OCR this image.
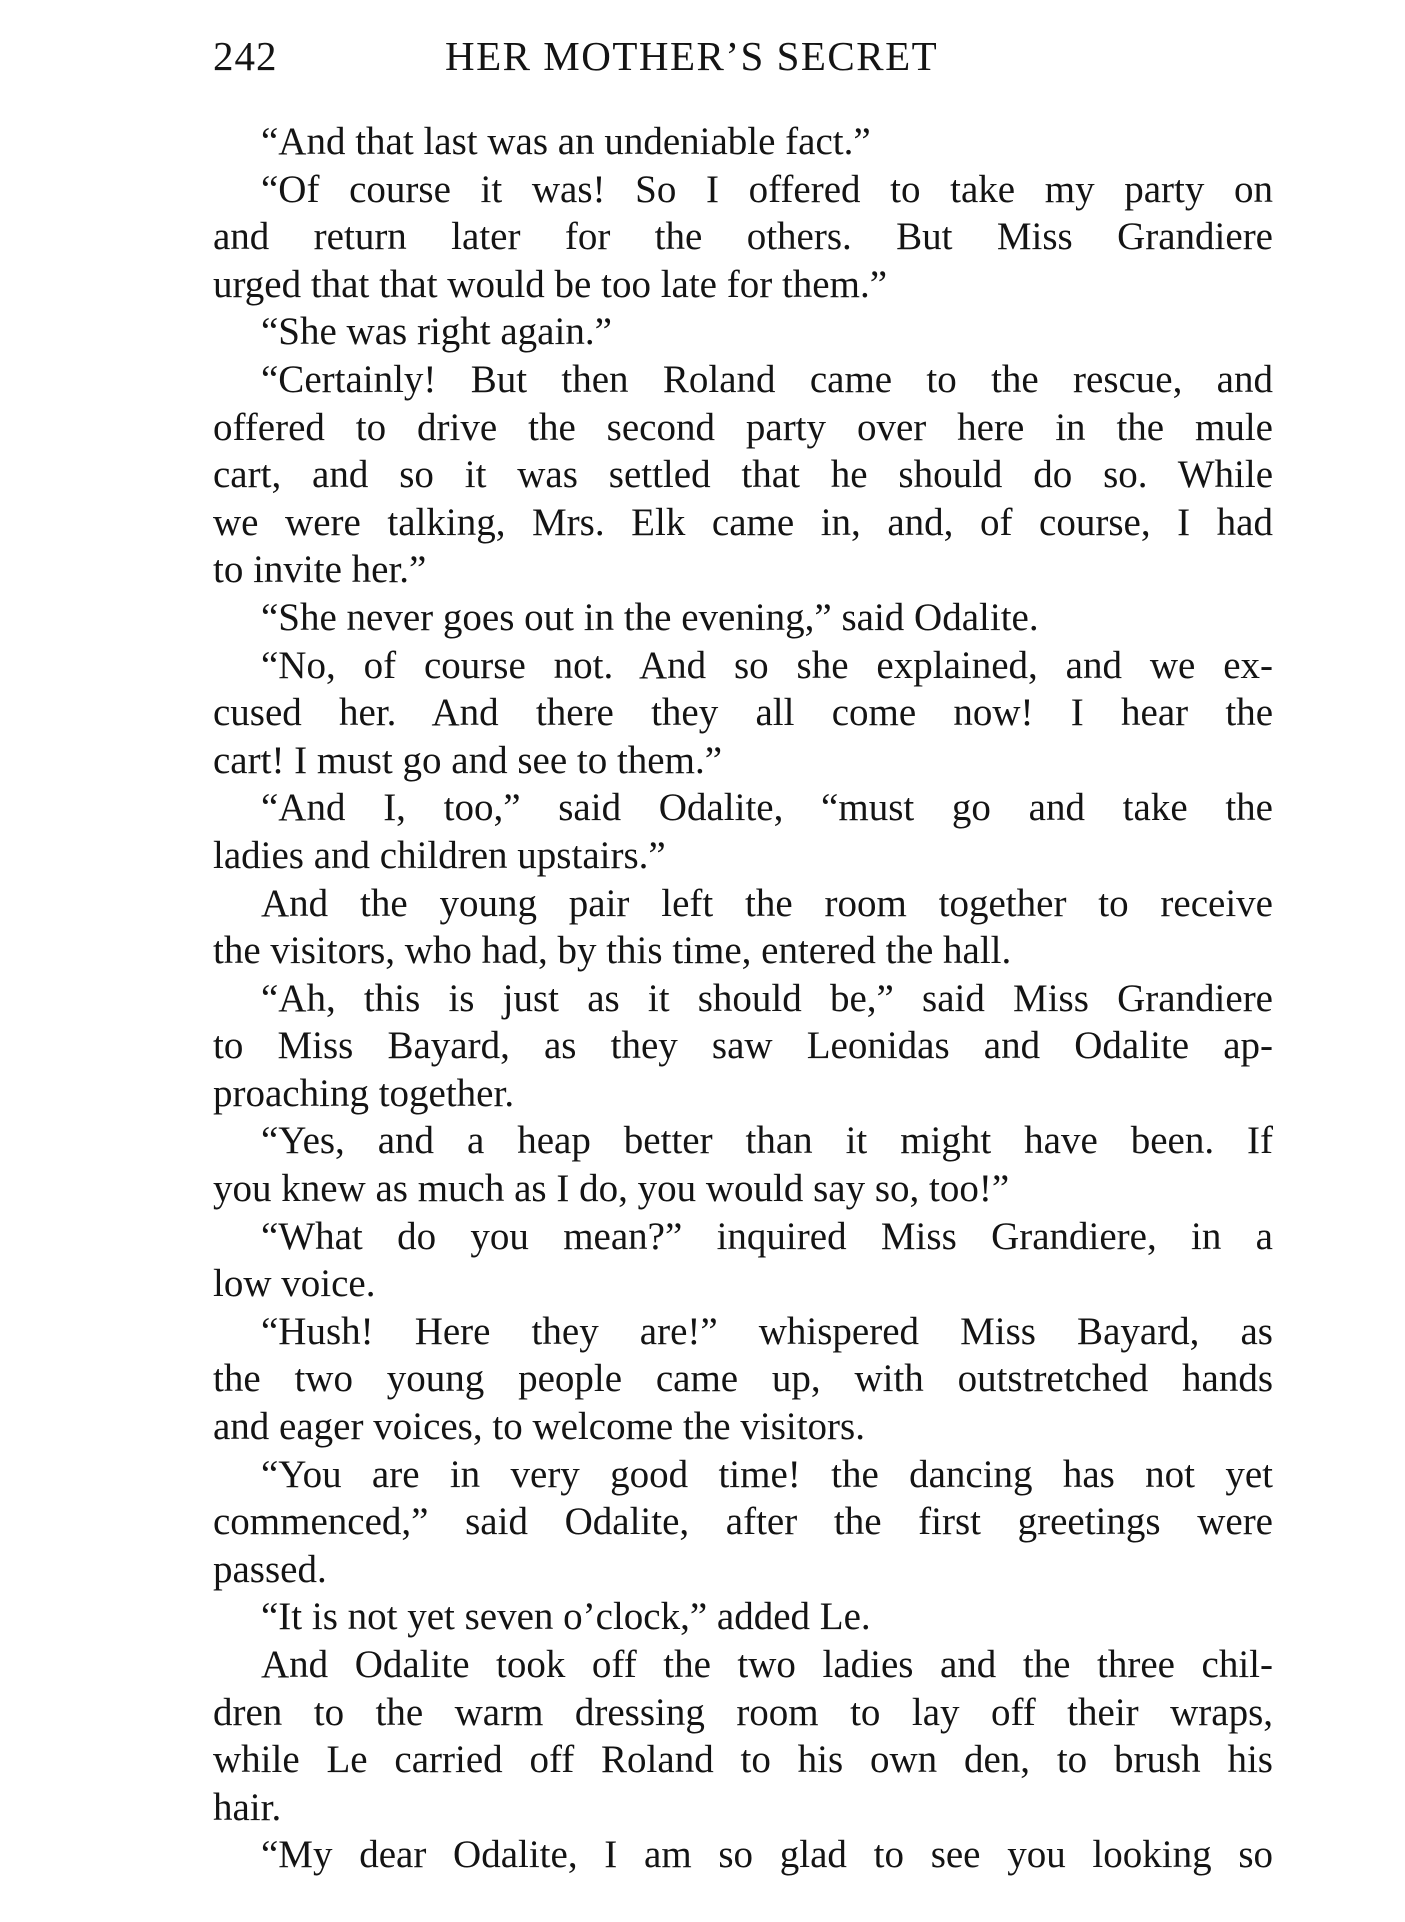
242	HER MOTHER’S SECRET
“And that last was an undeniable fact.”
“Of course it was! So I offered to take my party on
and return later for the others. But Miss Grandiere
urged that that would be too late for them.”
“She was right again.”
“Certainly! But then Roland came to the rescue, and
offered to drive the second party over here in the mule
cart, and so it was settled that he should do so. While
we were talking, Mrs. Elk came in, and, of course, I had
to invite her.”
“She never goes out in the evening,” said Odalite.
“No, of course not. And so she explained, and we ex-
cused her. And there they all come now! I hear the
cart! I must go and see to them.”
“And I, too,” said Odalite, “must go and take the
ladies and children upstairs.”
And the young pair left the room together to receive
the visitors, who had, by this time, entered the hall.
“Ah, this is just as it should be,” said Miss Grandiere
to Miss Bayard, as they saw Leonidas and Odalite ap-
proaching together.
“Yes, and a heap better than it might have been. If
you knew as much as I do, you would say so, too!”
“What do you mean?” inquired Miss Grandiere, in a
low voice.
“Hush! Here they are!” whispered Miss Bayard, as
the two young people came up, with outstretched hands
and eager voices, to welcome the visitors.
“You are in very good time! the dancing has not yet
commenced,” said Odalite, after the first greetings were
passed.
“It is not yet seven o’clock,” added Le.
And Odalite took off the two ladies and the three chil-
dren to the warm dressing room to lay off their wraps,
while Le carried off Roland to his own den, to brush his
hair.
“My dear Odalite, I am so glad to see you looking so
